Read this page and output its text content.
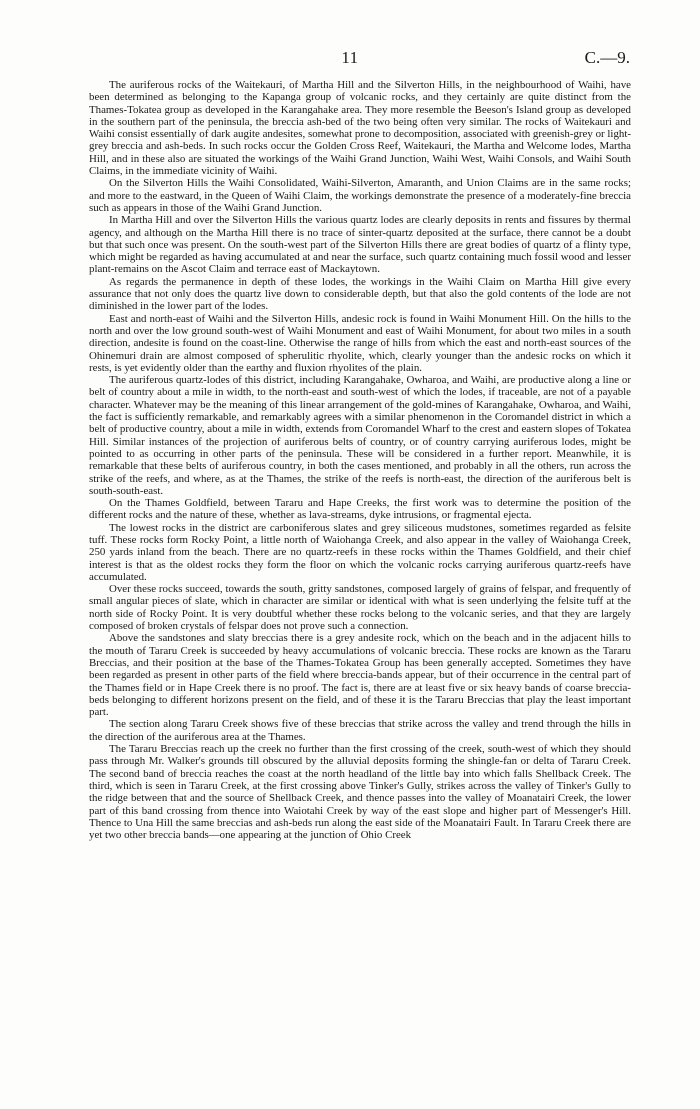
11	C.—9.

The auriferous rocks of the Waitekauri, of Martha Hill and the Silverton Hills, in the neighbourhood of Waihi, have been determined as belonging to the Kapanga group of volcanic rocks, and they certainly are quite distinct from the Thames-Tokatea group as developed in the Karangahake area. They more resemble the Beeson's Island group as developed in the southern part of the peninsula, the breccia ash-bed of the two being often very similar. The rocks of Waitekauri and Waihi consist essentially of dark augite andesites, somewhat prone to decomposition, associated with greenish-grey or light-grey breccia and ash-beds. In such rocks occur the Golden Cross Reef, Waitekauri, the Martha and Welcome lodes, Martha Hill, and in these also are situated the workings of the Waihi Grand Junction, Waihi West, Waihi Consols, and Waihi South Claims, in the immediate vicinity of Waihi.

On the Silverton Hills the Waihi Consolidated, Waihi-Silverton, Amaranth, and Union Claims are in the same rocks; and more to the eastward, in the Queen of Waihi Claim, the workings demonstrate the presence of a moderately-fine breccia such as appears in those of the Waihi Grand Junction.

In Martha Hill and over the Silverton Hills the various quartz lodes are clearly deposits in rents and fissures by thermal agency, and although on the Martha Hill there is no trace of sinter-quartz deposited at the surface, there cannot be a doubt but that such once was present. On the south-west part of the Silverton Hills there are great bodies of quartz of a flinty type, which might be regarded as having accumulated at and near the surface, such quartz containing much fossil wood and lesser plant-remains on the Ascot Claim and terrace east of Mackaytown.

As regards the permanence in depth of these lodes, the workings in the Waihi Claim on Martha Hill give every assurance that not only does the quartz live down to considerable depth, but that also the gold contents of the lode are not diminished in the lower part of the lodes.

East and north-east of Waihi and the Silverton Hills, andesic rock is found in Waihi Monument Hill. On the hills to the north and over the low ground south-west of Waihi Monument and east of Waihi Monument, for about two miles in a south direction, andesite is found on the coast-line. Otherwise the range of hills from which the east and north-east sources of the Ohinemuri drain are almost composed of spherulitic rhyolite, which, clearly younger than the andesic rocks on which it rests, is yet evidently older than the earthy and fluxion rhyolites of the plain.

The auriferous quartz-lodes of this district, including Karangahake, Owharoa, and Waihi, are productive along a line or belt of country about a mile in width, to the north-east and south-west of which the lodes, if traceable, are not of a payable character. Whatever may be the meaning of this linear arrangement of the gold-mines of Karangahake, Owharoa, and Waihi, the fact is sufficiently remarkable, and remarkably agrees with a similar phenomenon in the Coromandel district in which a belt of productive country, about a mile in width, extends from Coromandel Wharf to the crest and eastern slopes of Tokatea Hill. Similar instances of the projection of auriferous belts of country, or of country carrying auriferous lodes, might be pointed to as occurring in other parts of the peninsula. These will be considered in a further report. Meanwhile, it is remarkable that these belts of auriferous country, in both the cases mentioned, and probably in all the others, run across the strike of the reefs, and where, as at the Thames, the strike of the reefs is north-east, the direction of the auriferous belt is south-south-east.

On the Thames Goldfield, between Tararu and Hape Creeks, the first work was to determine the position of the different rocks and the nature of these, whether as lava-streams, dyke intrusions, or fragmental ejecta.

The lowest rocks in the district are carboniferous slates and grey siliceous mudstones, sometimes regarded as felsite tuff. These rocks form Rocky Point, a little north of Waiohanga Creek, and also appear in the valley of Waiohanga Creek, 250 yards inland from the beach. There are no quartz-reefs in these rocks within the Thames Goldfield, and their chief interest is that as the oldest rocks they form the floor on which the volcanic rocks carrying auriferous quartz-reefs have accumulated.

Over these rocks succeed, towards the south, gritty sandstones, composed largely of grains of felspar, and frequently of small angular pieces of slate, which in character are similar or identical with what is seen underlying the felsite tuff at the north side of Rocky Point. It is very doubtful whether these rocks belong to the volcanic series, and that they are largely composed of broken crystals of felspar does not prove such a connection.

Above the sandstones and slaty breccias there is a grey andesite rock, which on the beach and in the adjacent hills to the mouth of Tararu Creek is succeeded by heavy accumulations of volcanic breccia. These rocks are known as the Tararu Breccias, and their position at the base of the Thames-Tokatea Group has been generally accepted. Sometimes they have been regarded as present in other parts of the field where breccia-bands appear, but of their occurrence in the central part of the Thames field or in Hape Creek there is no proof. The fact is, there are at least five or six heavy bands of coarse breccia-beds belonging to different horizons present on the field, and of these it is the Tararu Breccias that play the least important part.

The section along Tararu Creek shows five of these breccias that strike across the valley and trend through the hills in the direction of the auriferous area at the Thames.

The Tararu Breccias reach up the creek no further than the first crossing of the creek, south-west of which they should pass through Mr. Walker's grounds till obscured by the alluvial deposits forming the shingle-fan or delta of Tararu Creek. The second band of breccia reaches the coast at the north headland of the little bay into which falls Shellback Creek. The third, which is seen in Tararu Creek, at the first crossing above Tinker's Gully, strikes across the valley of Tinker's Gully to the ridge between that and the source of Shellback Creek, and thence passes into the valley of Moanatairi Creek, the lower part of this band crossing from thence into Waiotahi Creek by way of the east slope and higher part of Messenger's Hill. Thence to Una Hill the same breccias and ash-beds run along the east side of the Moanatairi Fault. In Tararu Creek there are yet two other breccia bands—one appearing at the junction of Ohio Creek
